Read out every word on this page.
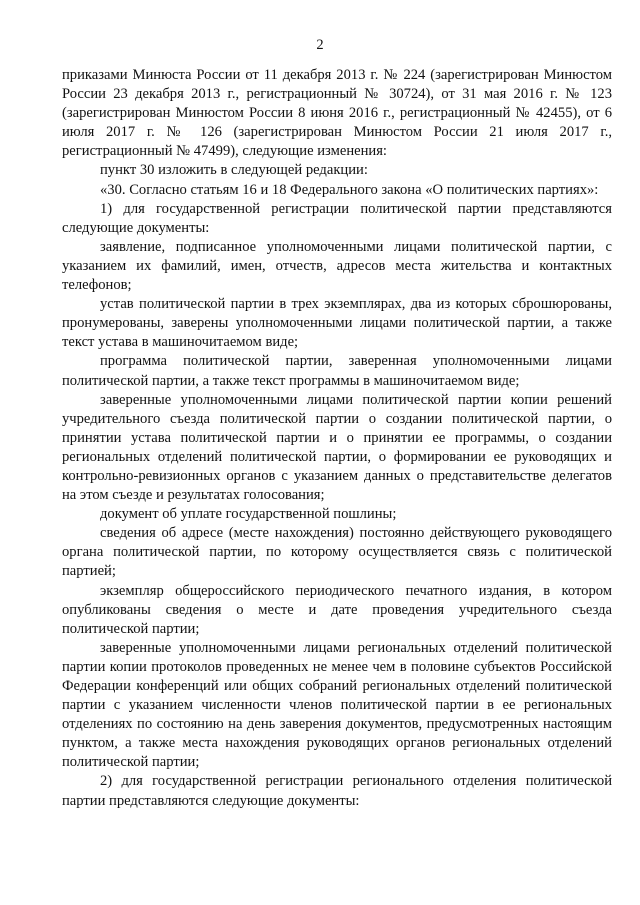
2

приказами Минюста России от 11 декабря 2013 г. № 224 (зарегистрирован Минюстом России 23 декабря 2013 г., регистрационный № 30724), от 31 мая 2016 г. № 123 (зарегистрирован Минюстом России 8 июня 2016 г., регистрационный № 42455), от 6 июля 2017 г. № 126 (зарегистрирован Минюстом России 21 июля 2017 г., регистрационный № 47499), следующие изменения:

пункт 30 изложить в следующей редакции:

«30. Согласно статьям 16 и 18 Федерального закона «О политических партиях»:

1) для государственной регистрации политической партии представляются следующие документы:

заявление, подписанное уполномоченными лицами политической партии, с указанием их фамилий, имен, отчеств, адресов места жительства и контактных телефонов;

устав политической партии в трех экземплярах, два из которых сброшюрованы, пронумерованы, заверены уполномоченными лицами политической партии, а также текст устава в машиночитаемом виде;

программа политической партии, заверенная уполномоченными лицами политической партии, а также текст программы в машиночитаемом виде;

заверенные уполномоченными лицами политической партии копии решений учредительного съезда политической партии о создании политической партии, о принятии устава политической партии и о принятии ее программы, о создании региональных отделений политической партии, о формировании ее руководящих и контрольно-ревизионных органов с указанием данных о представительстве делегатов на этом съезде и результатах голосования;

документ об уплате государственной пошлины;

сведения об адресе (месте нахождения) постоянно действующего руководящего органа политической партии, по которому осуществляется связь с политической партией;

экземпляр общероссийского периодического печатного издания, в котором опубликованы сведения о месте и дате проведения учредительного съезда политической партии;

заверенные уполномоченными лицами региональных отделений политической партии копии протоколов проведенных не менее чем в половине субъектов Российской Федерации конференций или общих собраний региональных отделений политической партии с указанием численности членов политической партии в ее региональных отделениях по состоянию на день заверения документов, предусмотренных настоящим пунктом, а также места нахождения руководящих органов региональных отделений политической партии;

2) для государственной регистрации регионального отделения политической партии представляются следующие документы:
